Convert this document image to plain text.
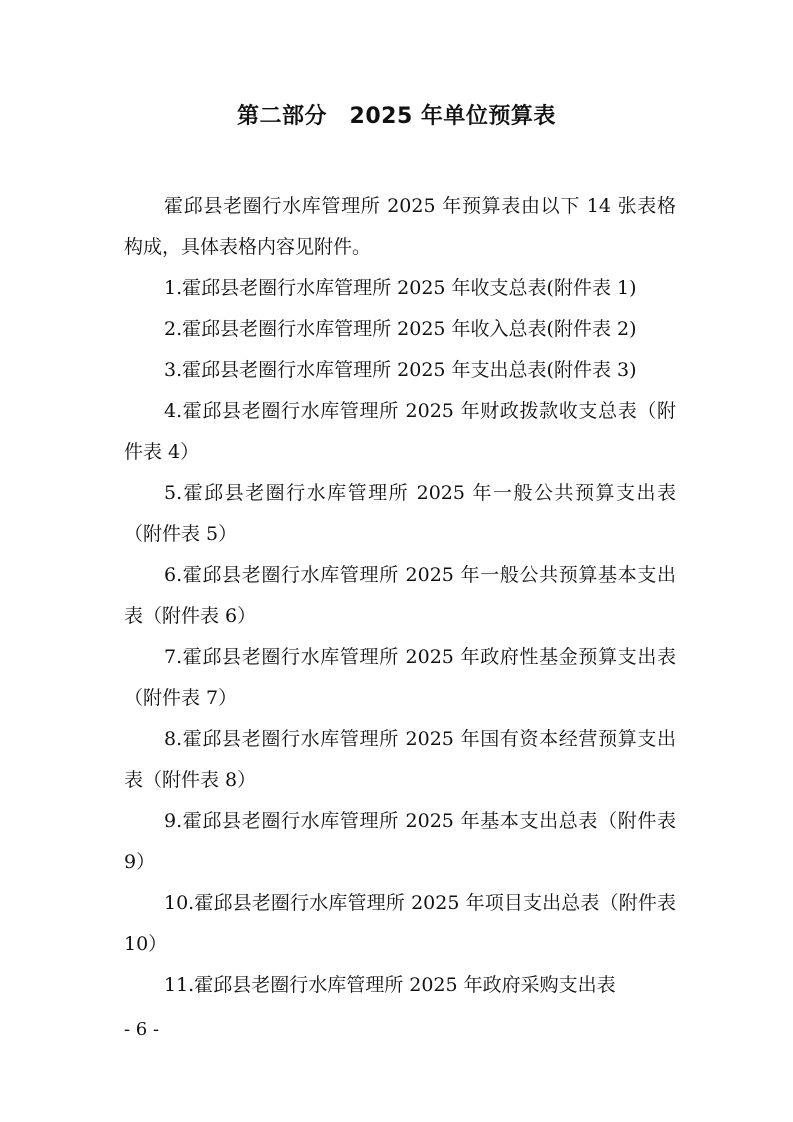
第二部分　2025 年单位预算表

霍邱县老圈行水库管理所 2025 年预算表由以下 14 张表格构成，具体表格内容见附件。

1.霍邱县老圈行水库管理所 2025 年收支总表(附件表 1)

2.霍邱县老圈行水库管理所 2025 年收入总表(附件表 2)

3.霍邱县老圈行水库管理所 2025 年支出总表(附件表 3)

4.霍邱县老圈行水库管理所 2025 年财政拨款收支总表（附件表 4）

5.霍邱县老圈行水库管理所 2025 年一般公共预算支出表（附件表 5）

6.霍邱县老圈行水库管理所 2025 年一般公共预算基本支出表（附件表 6）

7.霍邱县老圈行水库管理所 2025 年政府性基金预算支出表（附件表 7）

8.霍邱县老圈行水库管理所 2025 年国有资本经营预算支出表（附件表 8）

9.霍邱县老圈行水库管理所 2025 年基本支出总表（附件表 9）

10.霍邱县老圈行水库管理所 2025 年项目支出总表（附件表 10）

11.霍邱县老圈行水库管理所 2025 年政府采购支出表

- 6 -
